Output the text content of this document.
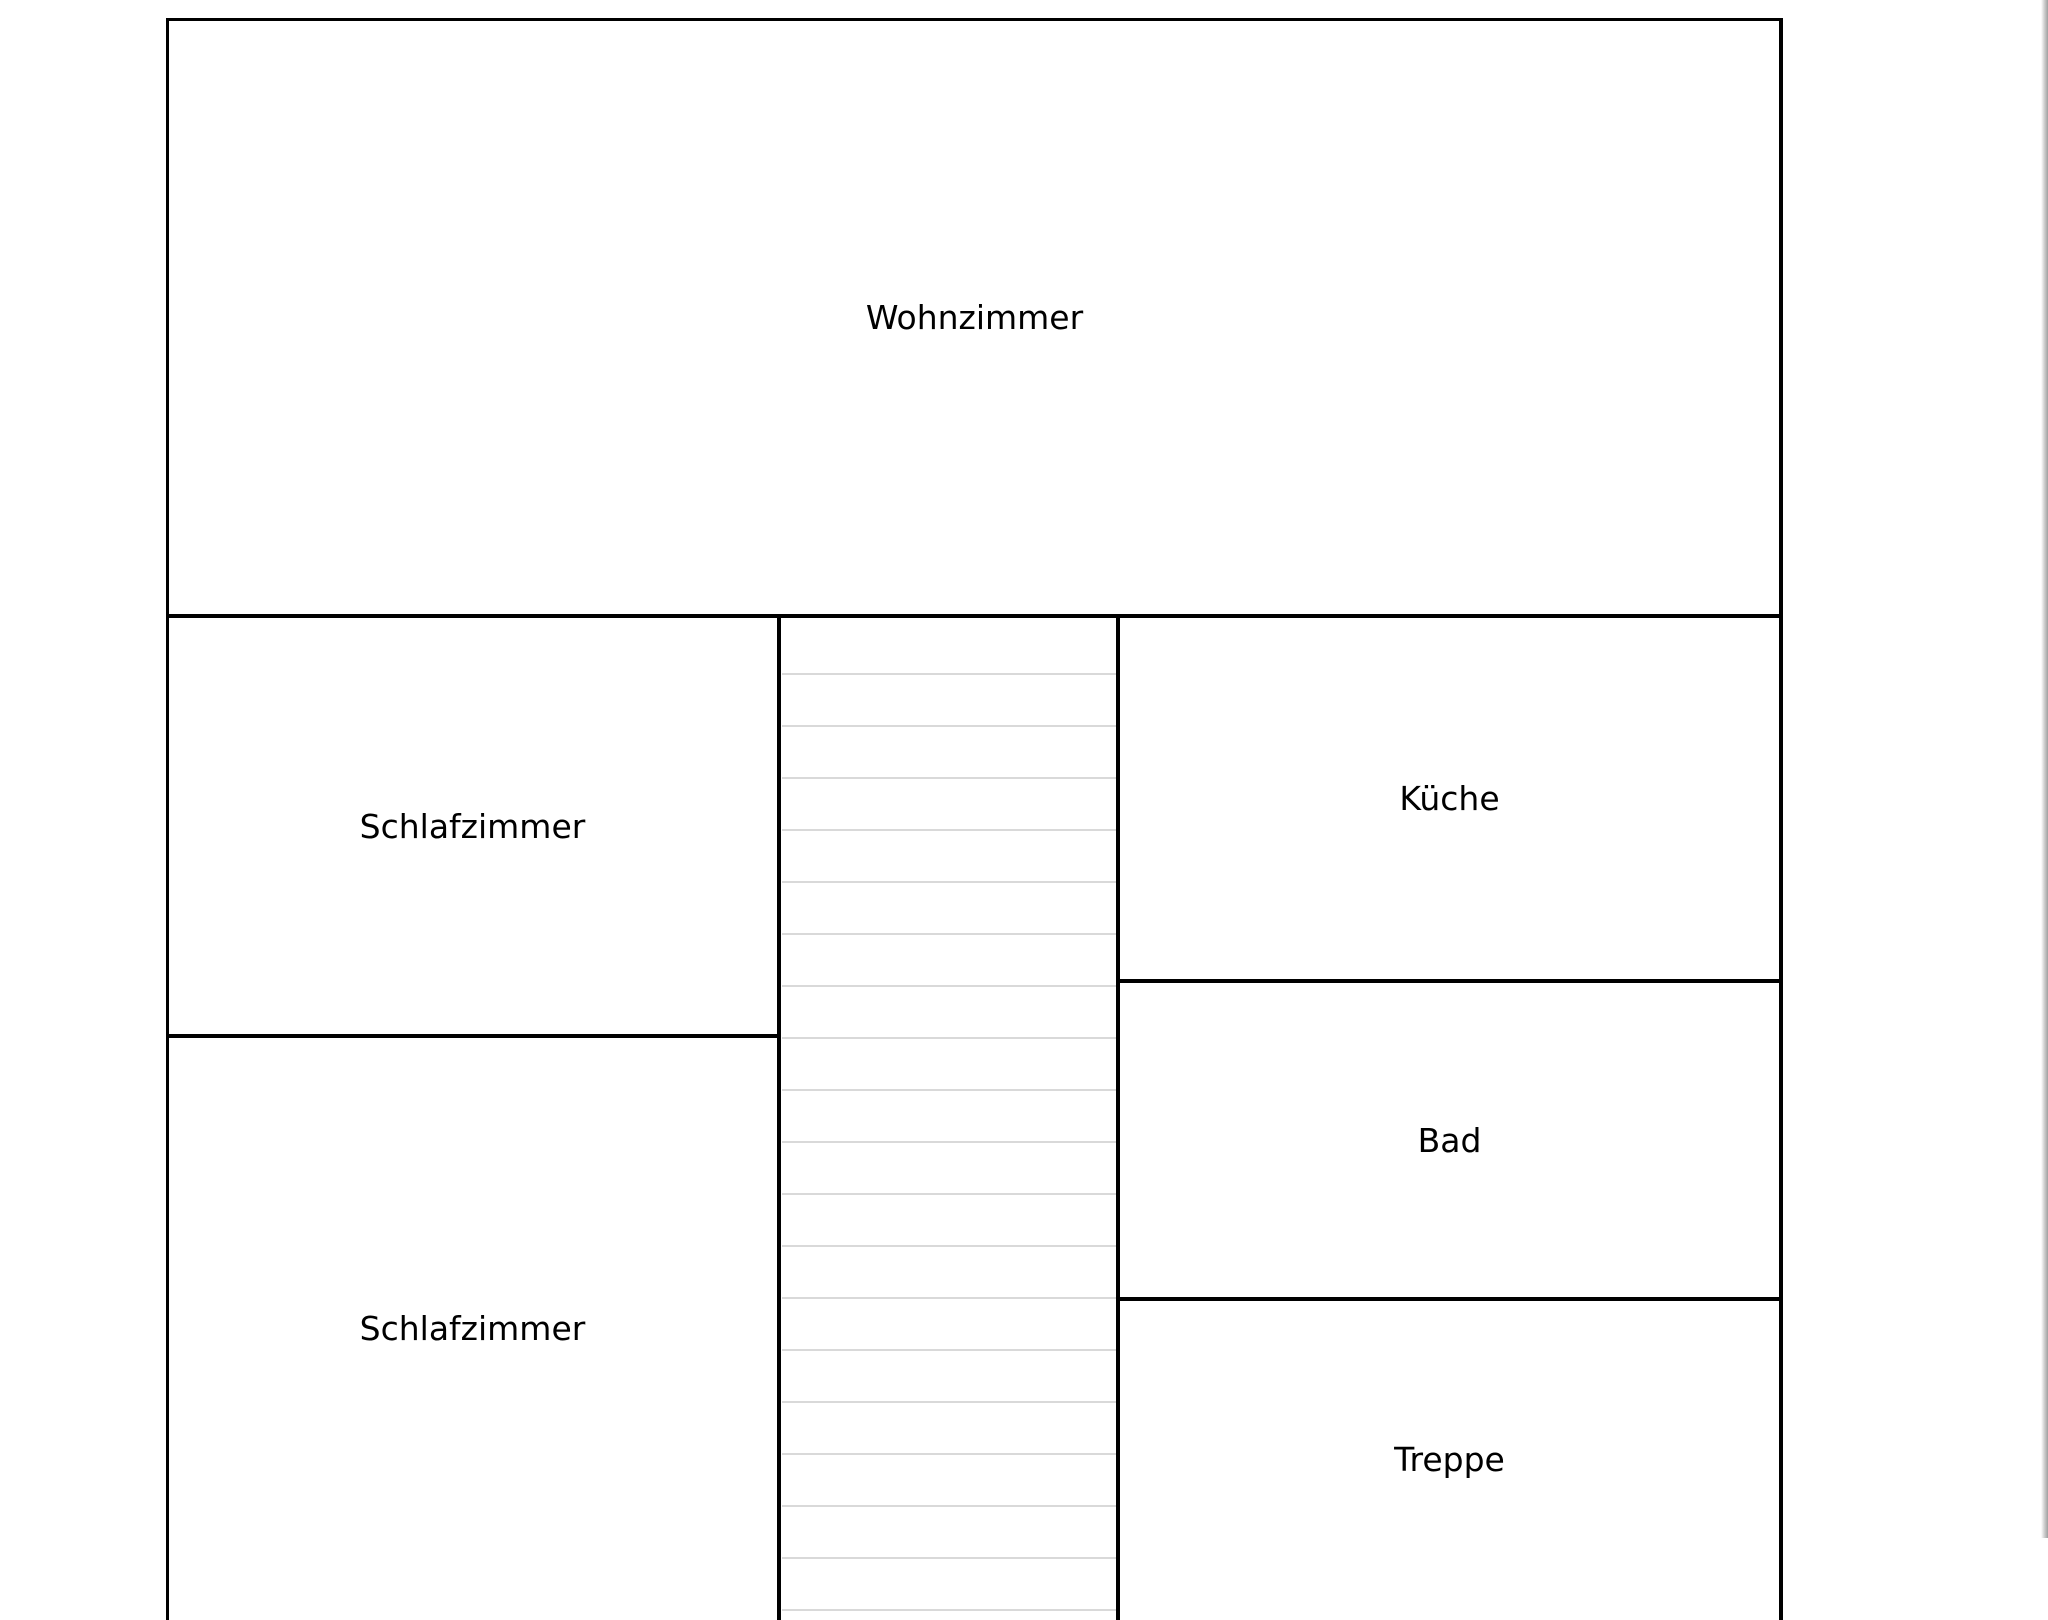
Wohnzimmer
Schlafzimmer
Schlafzimmer
Küche
Bad
Treppe
